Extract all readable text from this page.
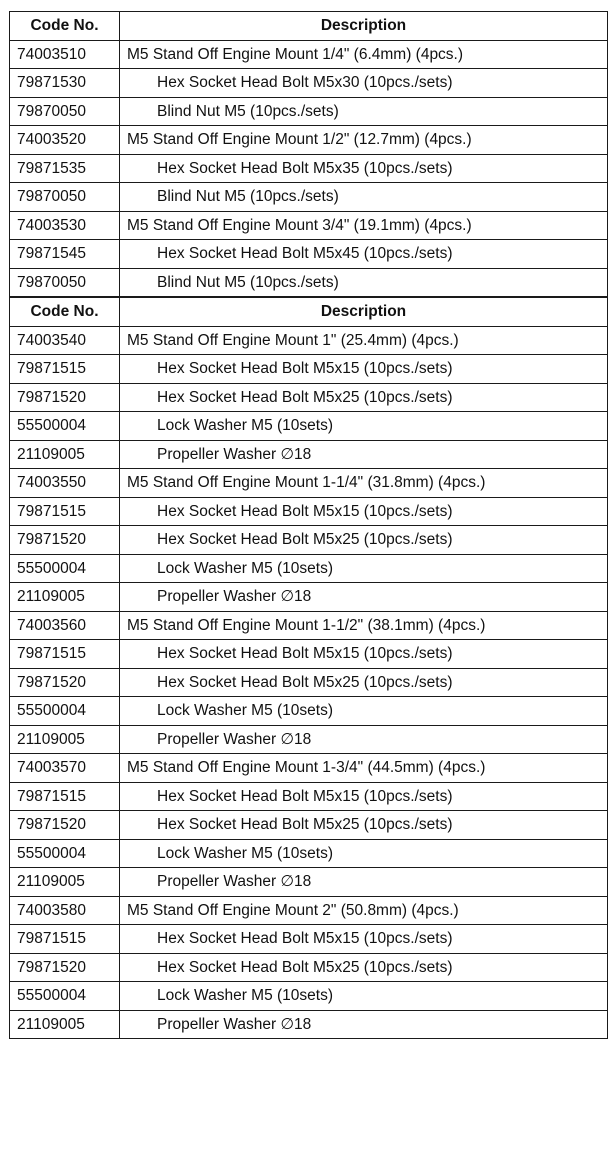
Code No.	Description
74003510	M5 Stand Off Engine Mount 1/4" (6.4mm) (4pcs.)
79871530	Hex Socket Head Bolt M5x30 (10pcs./sets)
79870050	Blind Nut M5 (10pcs./sets)
74003520	M5 Stand Off Engine Mount 1/2" (12.7mm) (4pcs.)
79871535	Hex Socket Head Bolt M5x35 (10pcs./sets)
79870050	Blind Nut M5 (10pcs./sets)
74003530	M5 Stand Off Engine Mount 3/4" (19.1mm) (4pcs.)
79871545	Hex Socket Head Bolt M5x45 (10pcs./sets)
79870050	Blind Nut M5 (10pcs./sets)
Code No.	Description
74003540	M5 Stand Off Engine Mount 1" (25.4mm) (4pcs.)
79871515	Hex Socket Head Bolt M5x15 (10pcs./sets)
79871520	Hex Socket Head Bolt M5x25 (10pcs./sets)
55500004	Lock Washer M5 (10sets)
21109005	Propeller Washer ∅18
74003550	M5 Stand Off Engine Mount 1-1/4" (31.8mm) (4pcs.)
79871515	Hex Socket Head Bolt M5x15 (10pcs./sets)
79871520	Hex Socket Head Bolt M5x25 (10pcs./sets)
55500004	Lock Washer M5 (10sets)
21109005	Propeller Washer ∅18
74003560	M5 Stand Off Engine Mount 1-1/2" (38.1mm) (4pcs.)
79871515	Hex Socket Head Bolt M5x15 (10pcs./sets)
79871520	Hex Socket Head Bolt M5x25 (10pcs./sets)
55500004	Lock Washer M5 (10sets)
21109005	Propeller Washer ∅18
74003570	M5 Stand Off Engine Mount 1-3/4" (44.5mm) (4pcs.)
79871515	Hex Socket Head Bolt M5x15 (10pcs./sets)
79871520	Hex Socket Head Bolt M5x25 (10pcs./sets)
55500004	Lock Washer M5 (10sets)
21109005	Propeller Washer ∅18
74003580	M5 Stand Off Engine Mount 2" (50.8mm) (4pcs.)
79871515	Hex Socket Head Bolt M5x15 (10pcs./sets)
79871520	Hex Socket Head Bolt M5x25 (10pcs./sets)
55500004	Lock Washer M5 (10sets)
21109005	Propeller Washer ∅18
